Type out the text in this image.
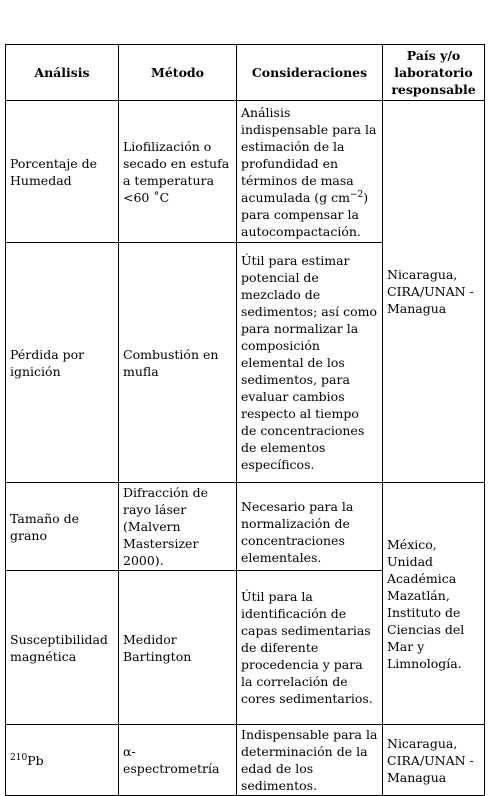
Análisis	Método	Consideraciones	País y/o laboratorio responsable
Porcentaje de Humedad	Liofilización o secado en estufa a temperatura <60 ˚C	Análisis indispensable para la estimación de la profundidad en términos de masa acumulada (g $cm^{-2}$) para compensar la autocompactación.	Nicaragua, CIRA/UNAN -Managua
Pérdida por ignición	Combustión en mufla	Útil para estimar potencial de mezclado de sedimentos; así como para normalizar la composición elemental de los sedimentos, para evaluar cambios respecto al tiempo de concentraciones de elementos específicos.	
Tamaño de grano	Difracción de rayo láser (Malvern Mastersizer 2000).	Necesario para la normalización de concentraciones elementales.	México, Unidad Académica Mazatlán, Instituto de Ciencias del Mar y Limnología.
Susceptibilidad magnética	Medidor Bartington	Útil para la identificación de capas sedimentarias de diferente procedencia y para la correlación de cores sedimentarios.	
$^{210}$Pb	α-espectrometría	Indispensable para la determinación de la edad de los sedimentos.	Nicaragua, CIRA/UNAN -Managua
